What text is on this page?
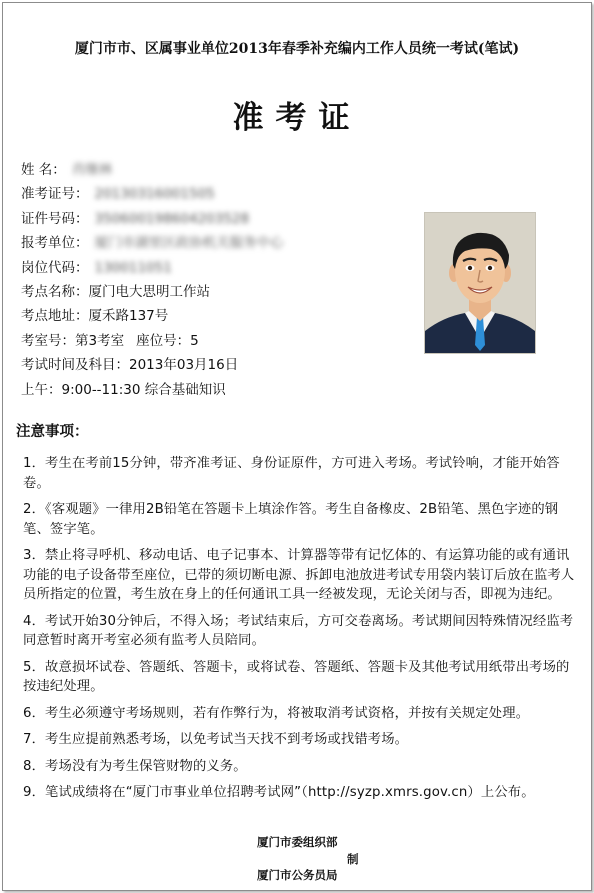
厦门市市、区属事业单位2013年春季补充编内工作人员统一考试(笔试)
准考证
姓 名： 肖继林
准考证号： 20130316001505
证件号码： 350600198604203528
报考单位： 厦门市湖里区政协机关服务中心
岗位代码： 130011051
考点名称：厦门电大思明工作站
考点地址：厦禾路137号
考室号：第3考室 座位号：5
考试时间及科目：2013年03月16日
上午：9:00--11:30 综合基础知识
注意事项：

1．考生在考前15分钟，带齐准考证、身份证原件，方可进入考场。考试铃响，才能开始答卷。

2．《客观题》一律用2B铅笔在答题卡上填涂作答。考生自备橡皮、2B铅笔、黑色字迹的钢笔、签字笔。

3．禁止将寻呼机、移动电话、电子记事本、计算器等带有记忆体的、有运算功能的或有通讯功能的电子设备带至座位，已带的须切断电源、拆卸电池放进考试专用袋内装订后放在监考人员所指定的位置，考生放在身上的任何通讯工具一经被发现，无论关闭与否，即视为违纪。

4．考试开始30分钟后，不得入场；考试结束后，方可交卷离场。考试期间因特殊情况经监考同意暂时离开考室必须有监考人员陪同。

5．故意损坏试卷、答题纸、答题卡，或将试卷、答题纸、答题卡及其他考试用纸带出考场的按违纪处理。

6．考生必须遵守考场规则，若有作弊行为，将被取消考试资格，并按有关规定处理。

7．考生应提前熟悉考场，以免考试当天找不到考场或找错考场。

8．考场没有为考生保管财物的义务。

9．笔试成绩将在“厦门市事业单位招聘考试网”（http://syzp.xmrs.gov.cn）上公布。

厦门市委组织部
制
厦门市公务员局
